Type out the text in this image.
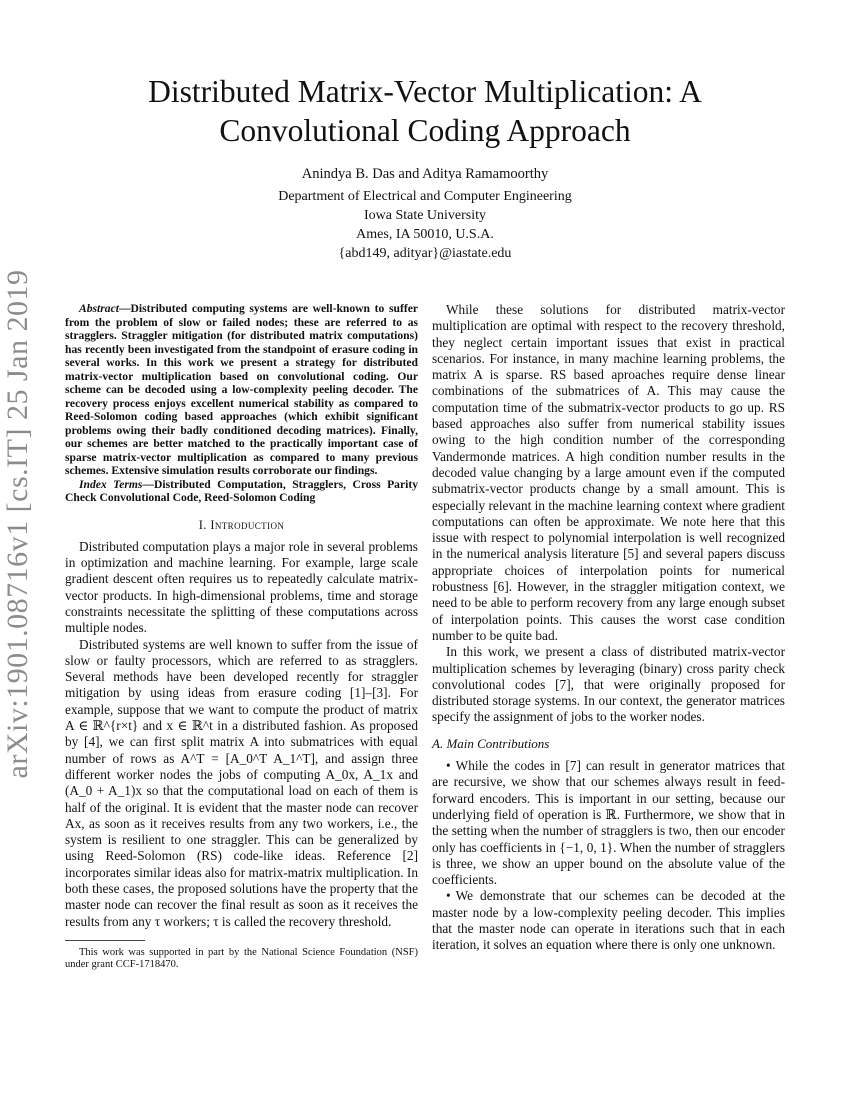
arXiv:1901.08716v1 [cs.IT] 25 Jan 2019
Distributed Matrix-Vector Multiplication: A Convolutional Coding Approach
Anindya B. Das and Aditya Ramamoorthy
Department of Electrical and Computer Engineering
Iowa State University
Ames, IA 50010, U.S.A.
{abd149, adityar}@iastate.edu

Abstract—Distributed computing systems are well-known to suffer from the problem of slow or failed nodes; these are referred to as stragglers. Straggler mitigation (for distributed matrix computations) has recently been investigated from the standpoint of erasure coding in several works. In this work we present a strategy for distributed matrix-vector multiplication based on convolutional coding. Our scheme can be decoded using a low-complexity peeling decoder. The recovery process enjoys excellent numerical stability as compared to Reed-Solomon coding based approaches (which exhibit significant problems owing their badly conditioned decoding matrices). Finally, our schemes are better matched to the practically important case of sparse matrix-vector multiplication as compared to many previous schemes. Extensive simulation results corroborate our findings.

Index Terms—Distributed Computation, Stragglers, Cross Parity Check Convolutional Code, Reed-Solomon Coding

I. Introduction

Distributed computation plays a major role in several problems in optimization and machine learning. For example, large scale gradient descent often requires us to repeatedly calculate matrix-vector products. In high-dimensional problems, time and storage constraints necessitate the splitting of these computations across multiple nodes.

Distributed systems are well known to suffer from the issue of slow or faulty processors, which are referred to as stragglers. Several methods have been developed recently for straggler mitigation by using ideas from erasure coding [1]–[3]. For example, suppose that we want to compute the product of matrix A ∈ ℝ^{r×t} and x ∈ ℝ^t in a distributed fashion. As proposed by [4], we can first split matrix A into submatrices with equal number of rows as A^T = [A_0^T A_1^T], and assign three different worker nodes the jobs of computing A_0x, A_1x and (A_0 + A_1)x so that the computational load on each of them is half of the original. It is evident that the master node can recover Ax, as soon as it receives results from any two workers, i.e., the system is resilient to one straggler. This can be generalized by using Reed-Solomon (RS) code-like ideas. Reference [2] incorporates similar ideas also for matrix-matrix multiplication. In both these cases, the proposed solutions have the property that the master node can recover the final result as soon as it receives the results from any τ workers; τ is called the recovery threshold.

This work was supported in part by the National Science Foundation (NSF) under grant CCF-1718470.

While these solutions for distributed matrix-vector multiplication are optimal with respect to the recovery threshold, they neglect certain important issues that exist in practical scenarios. For instance, in many machine learning problems, the matrix A is sparse. RS based aproaches require dense linear combinations of the submatrices of A. This may cause the computation time of the submatrix-vector products to go up. RS based approaches also suffer from numerical stability issues owing to the high condition number of the corresponding Vandermonde matrices. A high condition number results in the decoded value changing by a large amount even if the computed submatrix-vector products change by a small amount. This is especially relevant in the machine learning context where gradient computations can often be approximate. We note here that this issue with respect to polynomial interpolation is well recognized in the numerical analysis literature [5] and several papers discuss appropriate choices of interpolation points for numerical robustness [6]. However, in the straggler mitigation context, we need to be able to perform recovery from any large enough subset of interpolation points. This causes the worst case condition number to be quite bad.

In this work, we present a class of distributed matrix-vector multiplication schemes by leveraging (binary) cross parity check convolutional codes [7], that were originally proposed for distributed storage systems. In our context, the generator matrices specify the assignment of jobs to the worker nodes.

A. Main Contributions

• While the codes in [7] can result in generator matrices that are recursive, we show that our schemes always result in feed-forward encoders. This is important in our setting, because our underlying field of operation is ℝ. Furthermore, we show that in the setting when the number of stragglers is two, then our encoder only has coefficients in {−1, 0, 1}. When the number of stragglers is three, we show an upper bound on the absolute value of the coefficients.

• We demonstrate that our schemes can be decoded at the master node by a low-complexity peeling decoder. This implies that the master node can operate in iterations such that in each iteration, it solves an equation where there is only one unknown.
